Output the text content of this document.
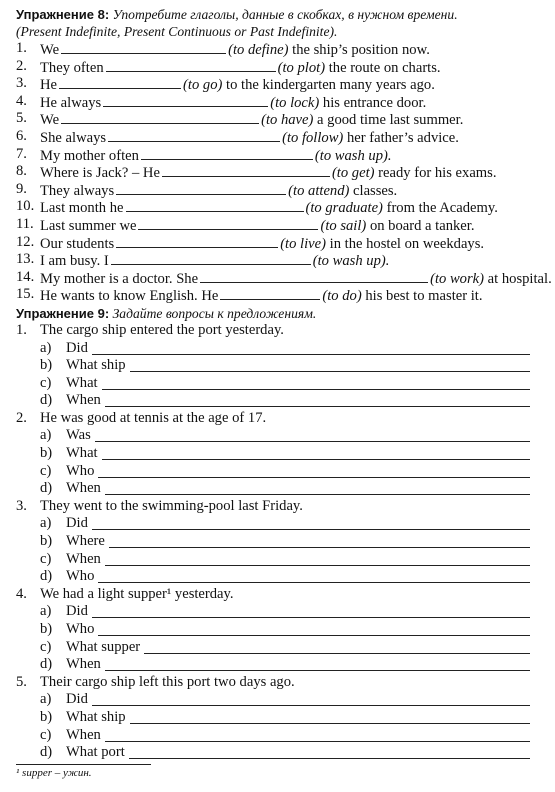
Упражнение 8: Употребите глаголы, данные в скобках, в нужном времени.

(Present Indefinite, Present Continuous or Past Indefinite).

1. We	(to define) the ship’s position now.
2. They often	(to plot) the route on charts.
3. He	(to go) to the kindergarten many years ago.
4. He always	(to lock) his entrance door.
5. We	(to have) a good time last summer.
6. She always	(to follow) her father’s advice.
7. My mother often	(to wash up).
8. Where is Jack? – He	(to get) ready for his exams.
9. They always	(to attend) classes.
10. Last month he	(to graduate) from the Academy.
11. Last summer we	(to sail) on board a tanker.
12. Our students	(to live) in the hostel on weekdays.
13. I am busy. I	(to wash up).
14. My mother is a doctor. She	(to work) at hospital.
15. He wants to know English. He	(to do) his best to master it.

Упражнение 9: Задайте вопросы к предложениям.

1. The cargo ship entered the port yesterday.
a) Did
b) What ship
c) What
d) When
2. He was good at tennis at the age of 17.
a) Was
b) What
c) Who
d) When
3. They went to the swimming-pool last Friday.
a) Did
b) Where
c) When
d) Who
4. We had a light supper¹ yesterday.
a) Did
b) Who
c) What supper
d) When
5. Their cargo ship left this port two days ago.
a) Did
b) What ship
c) When
d) What port
¹ supper – ужин.
